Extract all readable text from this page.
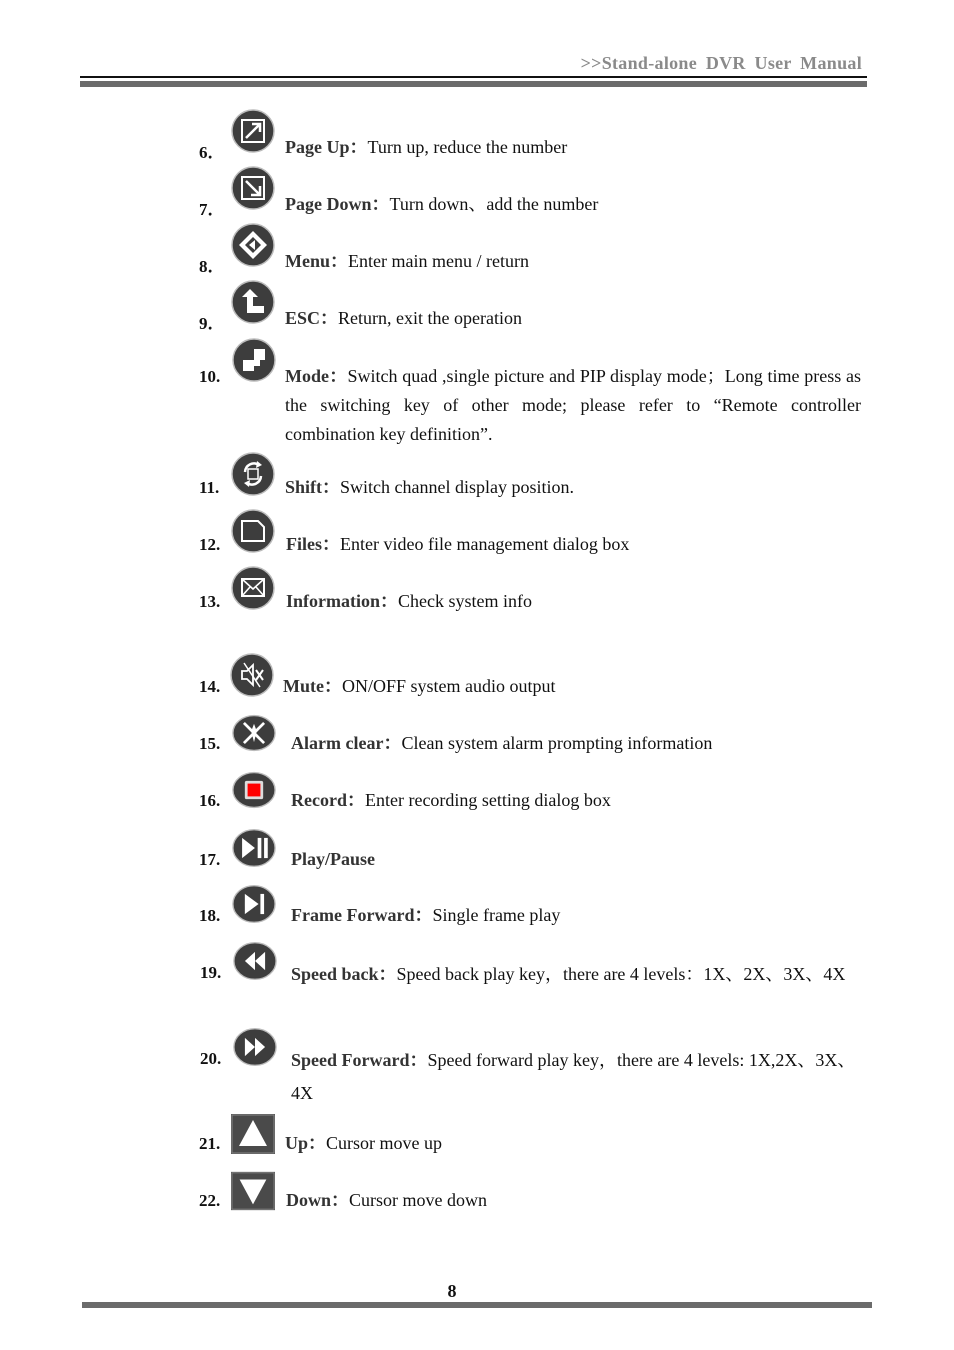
>>Stand-alone DVR User Manual
6．	Page Up：Turn up, reduce the number
7．	Page Down：Turn down、add the number
8．	Menu：Enter main menu / return
9．	ESC：Return, exit the operation
10.	Mode：Switch quad ,single picture and PIP display mode；Long time press as the switching key of other mode; please refer to “Remote controller combination key definition”.
11.	Shift：Switch channel display position.
12.	Files：Enter video file management dialog box
13.	Information：Check system info
14.	Mute：ON/OFF system audio output
15.	Alarm clear：Clean system alarm prompting information
16.	Record：Enter recording setting dialog box
17.	Play/Pause
18.	Frame Forward：Single frame play
19.	Speed back：Speed back play key，there are 4 levels：1X、2X、3X、4X
20.	Speed Forward：Speed forward play key，there are 4 levels: 1X,2X、3X、4X
21.	Up：Cursor move up
22.	Down：Cursor move down
8
